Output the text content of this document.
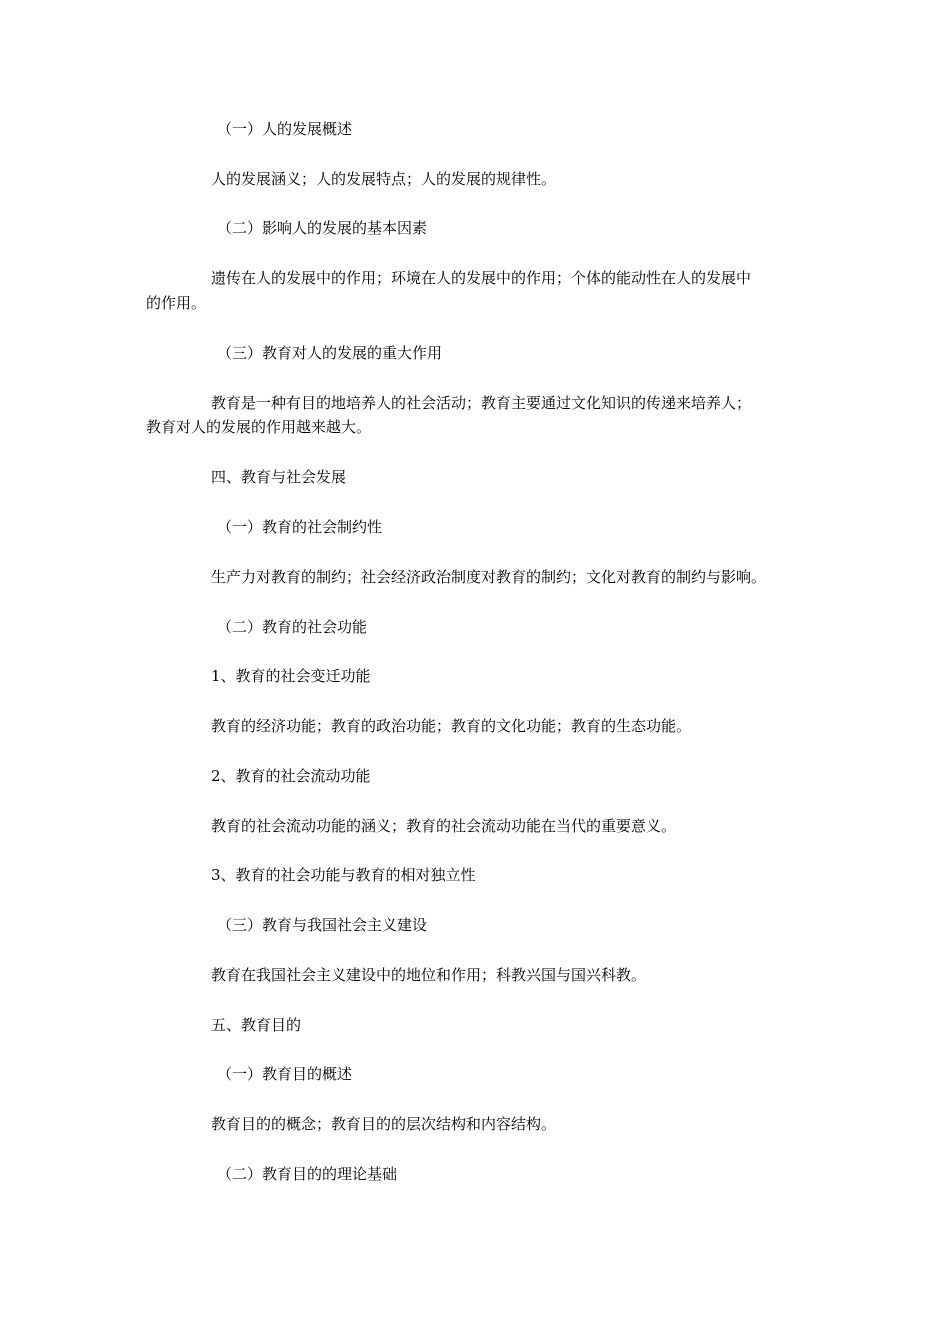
（一）人的发展概述
人的发展涵义；人的发展特点；人的发展的规律性。
（二）影响人的发展的基本因素
遗传在人的发展中的作用；环境在人的发展中的作用；个体的能动性在人的发展中
的作用。
（三）教育对人的发展的重大作用
教育是一种有目的地培养人的社会活动；教育主要通过文化知识的传递来培养人；
教育对人的发展的作用越来越大。
四、教育与社会发展
（一）教育的社会制约性
生产力对教育的制约；社会经济政治制度对教育的制约；文化对教育的制约与影响。
（二）教育的社会功能
1、教育的社会变迁功能
教育的经济功能；教育的政治功能；教育的文化功能；教育的生态功能。
2、教育的社会流动功能
教育的社会流动功能的涵义；教育的社会流动功能在当代的重要意义。
3、教育的社会功能与教育的相对独立性
（三）教育与我国社会主义建设
教育在我国社会主义建设中的地位和作用；科教兴国与国兴科教。
五、教育目的
（一）教育目的概述
教育目的的概念；教育目的的层次结构和内容结构。
（二）教育目的的理论基础
